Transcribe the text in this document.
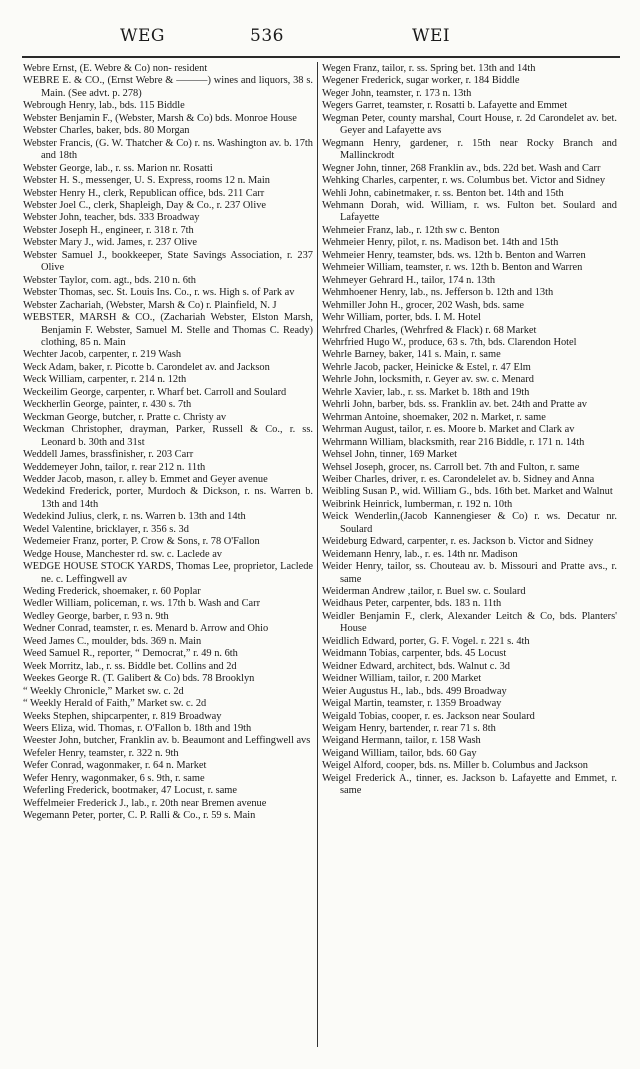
WEG	536	WEI

Webre Ernst, (E. Webre & Co) non- resident

WEBRE E. & CO., (Ernst Webre & ———) wines and liquors, 38 s. Main. (See advt. p. 278)

Webrough Henry, lab., bds. 115 Biddle

Webster Benjamin F., (Webster, Marsh & Co) bds. Monroe House

Webster Charles, baker, bds. 80 Morgan

Webster Francis, (G. W. Thatcher & Co) r. ns. Washington av. b. 17th and 18th

Webster George, lab., r. ss. Marion nr. Rosatti

Webster H. S., messenger, U. S. Express, rooms 12 n. Main

Webster Henry H., clerk, Republican office, bds. 211 Carr

Webster Joel C., clerk, Shapleigh, Day & Co., r. 237 Olive

Webster John, teacher, bds. 333 Broadway

Webster Joseph H., engineer, r. 318 r. 7th

Webster Mary J., wid. James, r. 237 Olive

Webster Samuel J., bookkeeper, State Savings Association, r. 237 Olive

Webster Taylor, com. agt., bds. 210 n. 6th

Webster Thomas, sec. St. Louis Ins. Co., r. ws. High s. of Park av

Webster Zachariah, (Webster, Marsh & Co) r. Plainfield, N. J

WEBSTER, MARSH & CO., (Zachariah Webster, Elston Marsh, Benjamin F. Webster, Samuel M. Stelle and Thomas C. Ready) clothing, 85 n. Main

Wechter Jacob, carpenter, r. 219 Wash

Weck Adam, baker, r. Picotte b. Carondelet av. and Jackson

Weck William, carpenter, r. 214 n. 12th

Weckeilim George, carpenter, r. Wharf bet. Carroll and Soulard

Weckherlin George, painter, r. 430 s. 7th

Weckman George, butcher, r. Pratte c. Christy av

Weckman Christopher, drayman, Parker, Russell & Co., r. ss. Leonard b. 30th and 31st

Weddell James, brassfinisher, r. 203 Carr

Weddemeyer John, tailor, r. rear 212 n. 11th

Wedder Jacob, mason, r. alley b. Emmet and Geyer avenue

Wedekind Frederick, porter, Murdoch & Dickson, r. ns. Warren b. 13th and 14th

Wedekind Julius, clerk, r. ns. Warren b. 13th and 14th

Wedel Valentine, bricklayer, r. 356 s. 3d

Wedemeier Franz, porter, P. Crow & Sons, r. 78 O'Fallon

Wedge House, Manchester rd. sw. c. Laclede av

WEDGE HOUSE STOCK YARDS, Thomas Lee, proprietor, Laclede ne. c. Leffingwell av

Weding Frederick, shoemaker, r. 60 Poplar

Wedler William, policeman, r. ws. 17th b. Wash and Carr

Wedley George, barber, r. 93 n. 9th

Wedner Conrad, teamster, r. es. Menard b. Arrow and Ohio

Weed James C., moulder, bds. 369 n. Main

Weed Samuel R., reporter, “ Democrat,” r. 49 n. 6th

Week Morritz, lab., r. ss. Biddle bet. Collins and 2d

Weekes George R. (T. Galibert & Co) bds. 78 Brooklyn

“ Weekly Chronicle,” Market sw. c. 2d

“ Weekly Herald of Faith,” Market sw. c. 2d

Weeks Stephen, shipcarpenter, r. 819 Broadway

Weers Eliza, wid. Thomas, r. O'Fallon b. 18th and 19th

Weester John, butcher, Franklin av. b. Beaumont and Leffingwell avs

Wefeler Henry, teamster, r. 322 n. 9th

Wefer Conrad, wagonmaker, r. 64 n. Market

Wefer Henry, wagonmaker, 6 s. 9th, r. same

Weferling Frederick, bootmaker, 47 Locust, r. same

Weffelmeier Frederick J., lab., r. 20th near Bremen avenue

Wegemann Peter, porter, C. P. Ralli & Co., r. 59 s. Main

Wegen Franz, tailor, r. ss. Spring bet. 13th and 14th

Wegener Frederick, sugar worker, r. 184 Biddle

Weger John, teamster, r. 173 n. 13th

Wegers Garret, teamster, r. Rosatti b. Lafayette and Emmet

Wegman Peter, county marshal, Court House, r. 2d Carondelet av. bet. Geyer and Lafayette avs

Wegmann Henry, gardener, r. 15th near Rocky Branch and Mallinckrodt

Wegner John, tinner, 268 Franklin av., bds. 22d bet. Wash and Carr

Wehking Charles, carpenter, r. ws. Columbus bet. Victor and Sidney

Wehli John, cabinetmaker, r. ss. Benton bet. 14th and 15th

Wehmann Dorah, wid. William, r. ws. Fulton bet. Soulard and Lafayette

Wehmeier Franz, lab., r. 12th sw c. Benton

Wehmeier Henry, pilot, r. ns. Madison bet. 14th and 15th

Wehmeier Henry, teamster, bds. ws. 12th b. Benton and Warren

Wehmeier William, teamster, r. ws. 12th b. Benton and Warren

Wehmeyer Gehrard H., tailor, 174 n. 13th

Wehmhoener Henry, lab., ns. Jefferson b. 12th and 13th

Wehmiller John H., grocer, 202 Wash, bds. same

Wehr William, porter, bds. I. M. Hotel

Wehrfred Charles, (Wehrfred & Flack) r. 68 Market

Wehrfried Hugo W., produce, 63 s. 7th, bds. Clarendon Hotel

Wehrle Barney, baker, 141 s. Main, r. same

Wehrle Jacob, packer, Heinicke & Estel, r. 47 Elm

Wehrle John, locksmith, r. Geyer av. sw. c. Menard

Wehrle Xavier, lab., r. ss. Market b. 18th and 19th

Wehrli John, barber, bds. ss. Franklin av. bet. 24th and Pratte av

Wehrman Antoine, shoemaker, 202 n. Market, r. same

Wehrman August, tailor, r. es. Moore b. Market and Clark av

Wehrmann William, blacksmith, rear 216 Biddle, r. 171 n. 14th

Wehsel John, tinner, 169 Market

Wehsel Joseph, grocer, ns. Carroll bet. 7th and Fulton, r. same

Weiber Charles, driver, r. es. Carondelelet av. b. Sidney and Anna

Weibling Susan P., wid. William G., bds. 16th bet. Market and Walnut

Weibrink Heinrick, lumberman, r. 192 n. 10th

Weick Wenderlin,(Jacob Kannengieser & Co) r. ws. Decatur nr. Soulard

Weideburg Edward, carpenter, r. es. Jackson b. Victor and Sidney

Weidemann Henry, lab., r. es. 14th nr. Madison

Weider Henry, tailor, ss. Chouteau av. b. Missouri and Pratte avs., r. same

Weiderman Andrew ,tailor, r. Buel sw. c. Soulard

Weidhaus Peter, carpenter, bds. 183 n. 11th

Weidler Benjamin F., clerk, Alexander Leitch & Co, bds. Planters' House

Weidlich Edward, porter, G. F. Vogel. r. 221 s. 4th

Weidmann Tobias, carpenter, bds. 45 Locust

Weidner Edward, architect, bds. Walnut c. 3d

Weidner William, tailor, r. 200 Market

Weier Augustus H., lab., bds. 499 Broadway

Weigal Martin, teamster, r. 1359 Broadway

Weigald Tobias, cooper, r. es. Jackson near Soulard

Weigam Henry, bartender, r. rear 71 s. 8th

Weigand Hermann, tailor, r. 158 Wash

Weigand William, tailor, bds. 60 Gay

Weigel Alford, cooper, bds. ns. Miller b. Columbus and Jackson

Weigel Frederick A., tinner, es. Jackson b. Lafayette and Emmet, r. same
